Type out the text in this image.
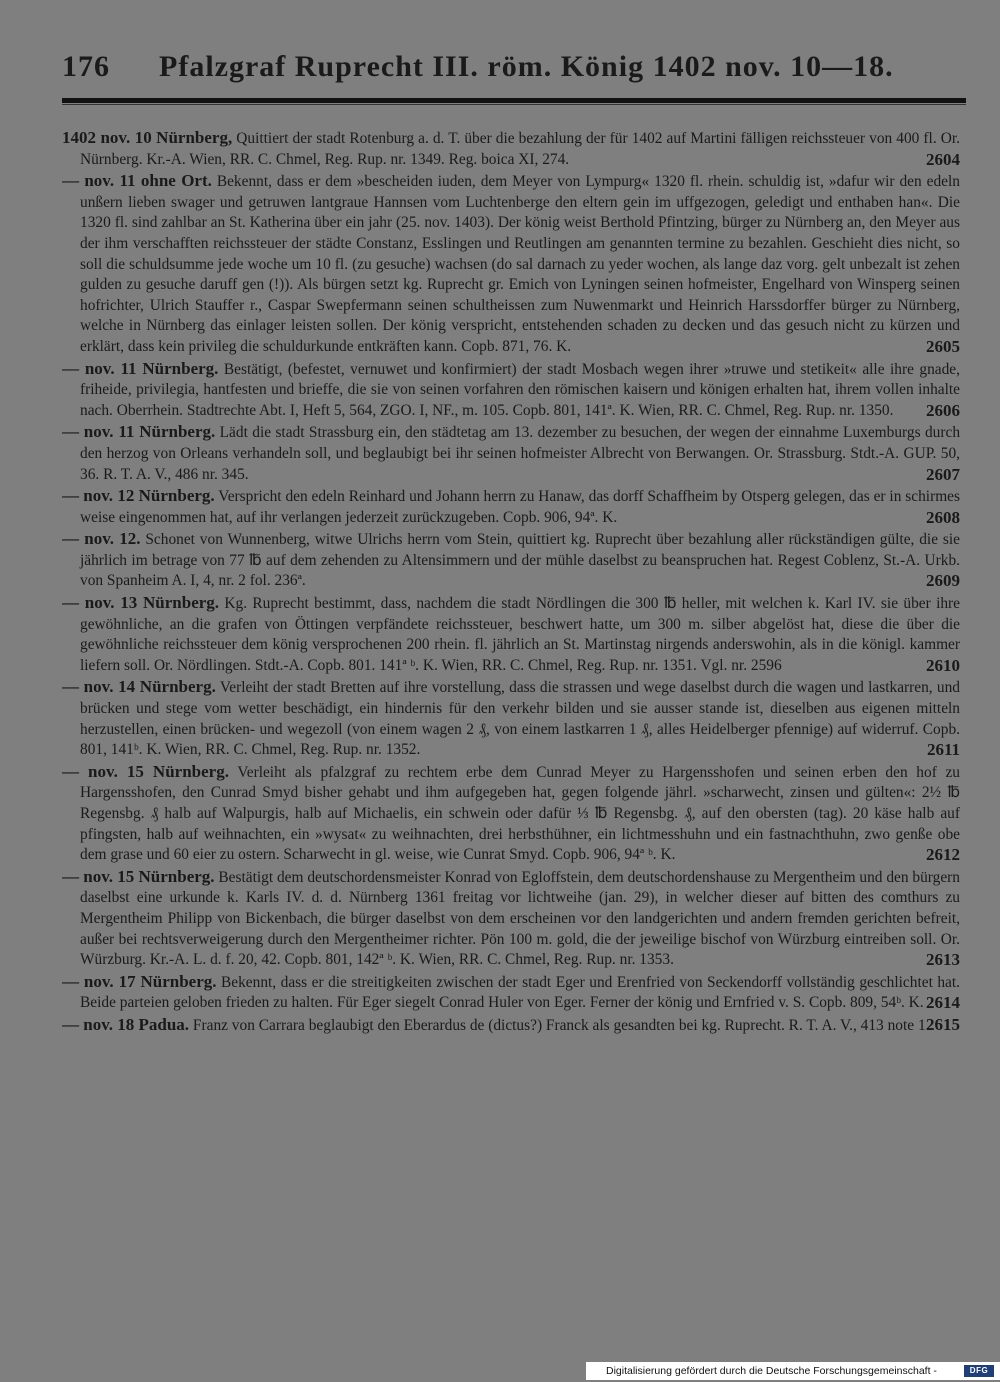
176 Pfalzgraf Ruprecht III. röm. König 1402 nov. 10—18.

1402 nov. 10 Nürnberg, Quittiert der stadt Rotenburg a. d. T. über die bezahlung der für 1402 auf Martini fälligen reichssteuer von 400 fl. Or. Nürnberg. Kr.-A. Wien, RR. C. Chmel, Reg. Rup. nr. 1349. Reg. boica XI, 274.	2604

— nov. 11 ohne Ort. Bekennt, dass er dem »bescheiden iuden, dem Meyer von Lympurg« 1320 fl. rhein. schuldig ist, »dafur wir den edeln unßern lieben swager und getruwen lantgraue Hannsen vom Luchtenberge den eltern gein im uffgezogen, geledigt und enthaben han«. Die 1320 fl. sind zahlbar an St. Katherina über ein jahr (25. nov. 1403). Der könig weist Berthold Pfintzing, bürger zu Nürnberg an, den Meyer aus der ihm verschafften reichssteuer der städte Constanz, Esslingen und Reutlingen am genannten termine zu bezahlen. Geschieht dies nicht, so soll die schuldsumme jede woche um 10 fl. (zu gesuche) wachsen (do sal darnach zu yeder wochen, als lange daz vorg. gelt unbezalt ist zehen gulden zu gesuche daruff gen (!)). Als bürgen setzt kg. Ruprecht gr. Emich von Lyningen seinen hofmeister, Engelhard von Winsperg seinen hofrichter, Ulrich Stauffer r., Caspar Swepfermann seinen schultheissen zum Nuwenmarkt und Heinrich Harssdorffer bürger zu Nürnberg, welche in Nürnberg das einlager leisten sollen. Der könig verspricht, entstehenden schaden zu decken und das gesuch nicht zu kürzen und erklärt, dass kein privileg die schuldurkunde entkräften kann. Copb. 871, 76. K.	2605

— nov. 11 Nürnberg. Bestätigt, (befestet, vernuwet und konfirmiert) der stadt Mosbach wegen ihrer »truwe und stetikeit« alle ihre gnade, friheide, privilegia, hantfesten und brieffe, die sie von seinen vorfahren den römischen kaisern und königen erhalten hat, ihrem vollen inhalte nach. Oberrhein. Stadtrechte Abt. I, Heft 5, 564, ZGO. I, NF., m. 105. Copb. 801, 141ª. K. Wien, RR. C. Chmel, Reg. Rup. nr. 1350. 2606

— nov. 11 Nürnberg. Lädt die stadt Strassburg ein, den städtetag am 13. dezember zu besuchen, der wegen der einnahme Luxemburgs durch den herzog von Orleans verhandeln soll, und beglaubigt bei ihr seinen hofmeister Albrecht von Berwangen. Or. Strassburg. Stdt.-A. GUP. 50, 36. R. T. A. V., 486 nr. 345.	2607

— nov. 12 Nürnberg. Verspricht den edeln Reinhard und Johann herrn zu Hanaw, das dorff Schaffheim by Otsperg gelegen, das er in schirmes weise eingenommen hat, auf ihr verlangen jederzeit zurückzugeben. Copb. 906, 94ª. K.	2608

— nov. 12. Schonet von Wunnenberg, witwe Ulrichs herrn vom Stein, quittiert kg. Ruprecht über bezahlung aller rückständigen gülte, die sie jährlich im betrage von 77 ℔ auf dem zehenden zu Altensimmern und der mühle daselbst zu beanspruchen hat. Regest Coblenz, St.-A. Urkb. von Spanheim A. I, 4, nr. 2 fol. 236ª.	2609

— nov. 13 Nürnberg. Kg. Ruprecht bestimmt, dass, nachdem die stadt Nördlingen die 300 ℔ heller, mit welchen k. Karl IV. sie über ihre gewöhnliche, an die grafen von Öttingen verpfändete reichssteuer, beschwert hatte, um 300 m. silber abgelöst hat, diese die über die gewöhnliche reichssteuer dem könig versprochenen 200 rhein. fl. jährlich an St. Martinstag nirgends anderswohin, als in die königl. kammer liefern soll. Or. Nördlingen. Stdt.-A. Copb. 801. 141ª ᵇ. K. Wien, RR. C. Chmel, Reg. Rup. nr. 1351. Vgl. nr. 2596	2610

— nov. 14 Nürnberg. Verleiht der stadt Bretten auf ihre vorstellung, dass die strassen und wege daselbst durch die wagen und lastkarren, und brücken und stege vom wetter beschädigt, ein hindernis für den verkehr bilden und sie ausser stande ist, dieselben aus eigenen mitteln herzustellen, einen brücken- und wegezoll (von einem wagen 2 ₰, von einem lastkarren 1 ₰, alles Heidelberger pfennige) auf widerruf. Copb. 801, 141ᵇ. K. Wien, RR. C. Chmel, Reg. Rup. nr. 1352.	2611

— nov. 15 Nürnberg. Verleiht als pfalzgraf zu rechtem erbe dem Cunrad Meyer zu Hargensshofen und seinen erben den hof zu Hargensshofen, den Cunrad Smyd bisher gehabt und ihm aufgegeben hat, gegen folgende jährl. »scharwecht, zinsen und gülten«: 2½ ℔ Regensbg. ₰ halb auf Walpurgis, halb auf Michaelis, ein schwein oder dafür ⅓ ℔ Regensbg. ₰, auf den obersten (tag). 20 käse halb auf pfingsten, halb auf weihnachten, ein »wysat« zu weihnachten, drei herbsthühner, ein lichtmesshuhn und ein fastnachthuhn, zwo genße obe dem grase und 60 eier zu ostern. Scharwecht in gl. weise, wie Cunrat Smyd. Copb. 906, 94ª ᵇ. K.	2612

— nov. 15 Nürnberg. Bestätigt dem deutschordensmeister Konrad von Egloffstein, dem deutschordenshause zu Mergentheim und den bürgern daselbst eine urkunde k. Karls IV. d. d. Nürnberg 1361 freitag vor lichtweihe (jan. 29), in welcher dieser auf bitten des comthurs zu Mergentheim Philipp von Bickenbach, die bürger daselbst von dem erscheinen vor den landgerichten und andern fremden gerichten befreit, außer bei rechtsverweigerung durch den Mergentheimer richter. Pön 100 m. gold, die der jeweilige bischof von Würzburg eintreiben soll. Or. Würzburg. Kr.-A. L. d. f. 20, 42. Copb. 801, 142ª ᵇ. K. Wien, RR. C. Chmel, Reg. Rup. nr. 1353.	2613

— nov. 17 Nürnberg. Bekennt, dass er die streitigkeiten zwischen der stadt Eger und Erenfried von Seckendorff vollständig geschlichtet hat. Beide parteien geloben frieden zu halten. Für Eger siegelt Conrad Huler von Eger. Ferner der könig und Ernfried v. S. Copb. 809, 54ᵇ. K. 2614

— nov. 18 Padua. Franz von Carrara beglaubigt den Eberardus de (dictus?) Franck als gesandten bei kg. Ruprecht. R. T. A. V., 413 note 1.
2615

Digitalisierung gefördert durch die Deutsche Forschungsgemeinschaft -	DFG
